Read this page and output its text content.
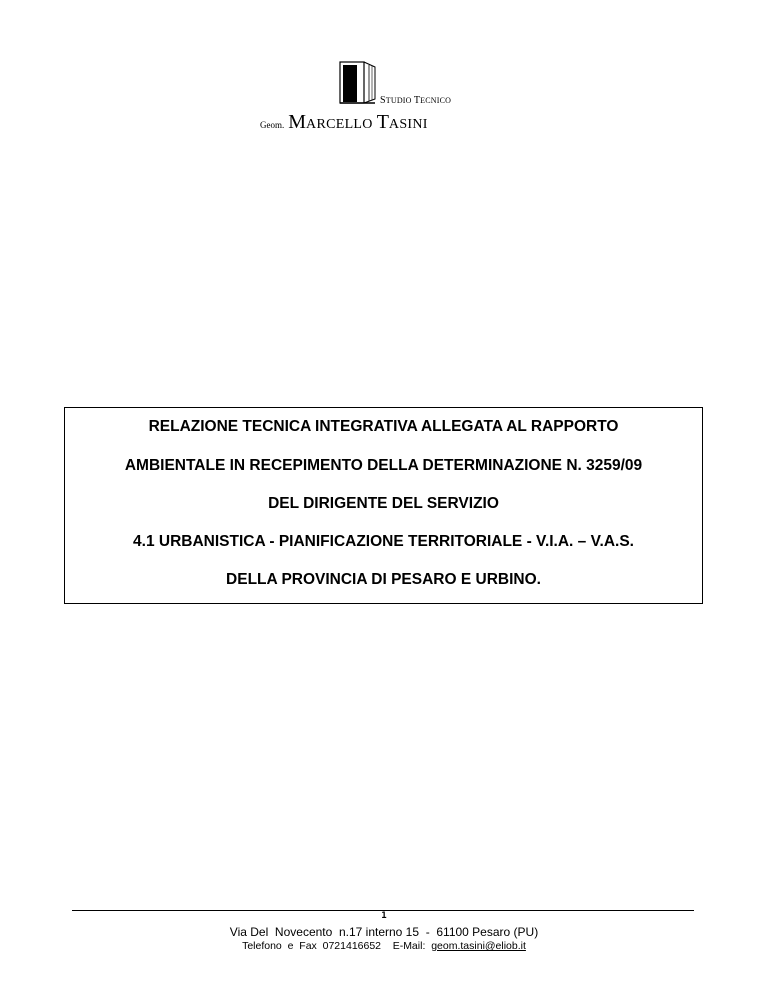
STUDIO TECNICO
Geom. MARCELLO TASINI
RELAZIONE TECNICA INTEGRATIVA ALLEGATA AL RAPPORTO
AMBIENTALE IN RECEPIMENTO DELLA DETERMINAZIONE N. 3259/09
DEL DIRIGENTE DEL SERVIZIO
4.1 URBANISTICA - PIANIFICAZIONE TERRITORIALE - V.I.A. – V.A.S.
DELLA PROVINCIA DI PESARO E URBINO.
1
Via Del  Novecento  n.17 interno 15  -  61100 Pesaro (PU)
Telefono  e  Fax  0721416652    E-Mail:  geom.tasini@eliob.it
